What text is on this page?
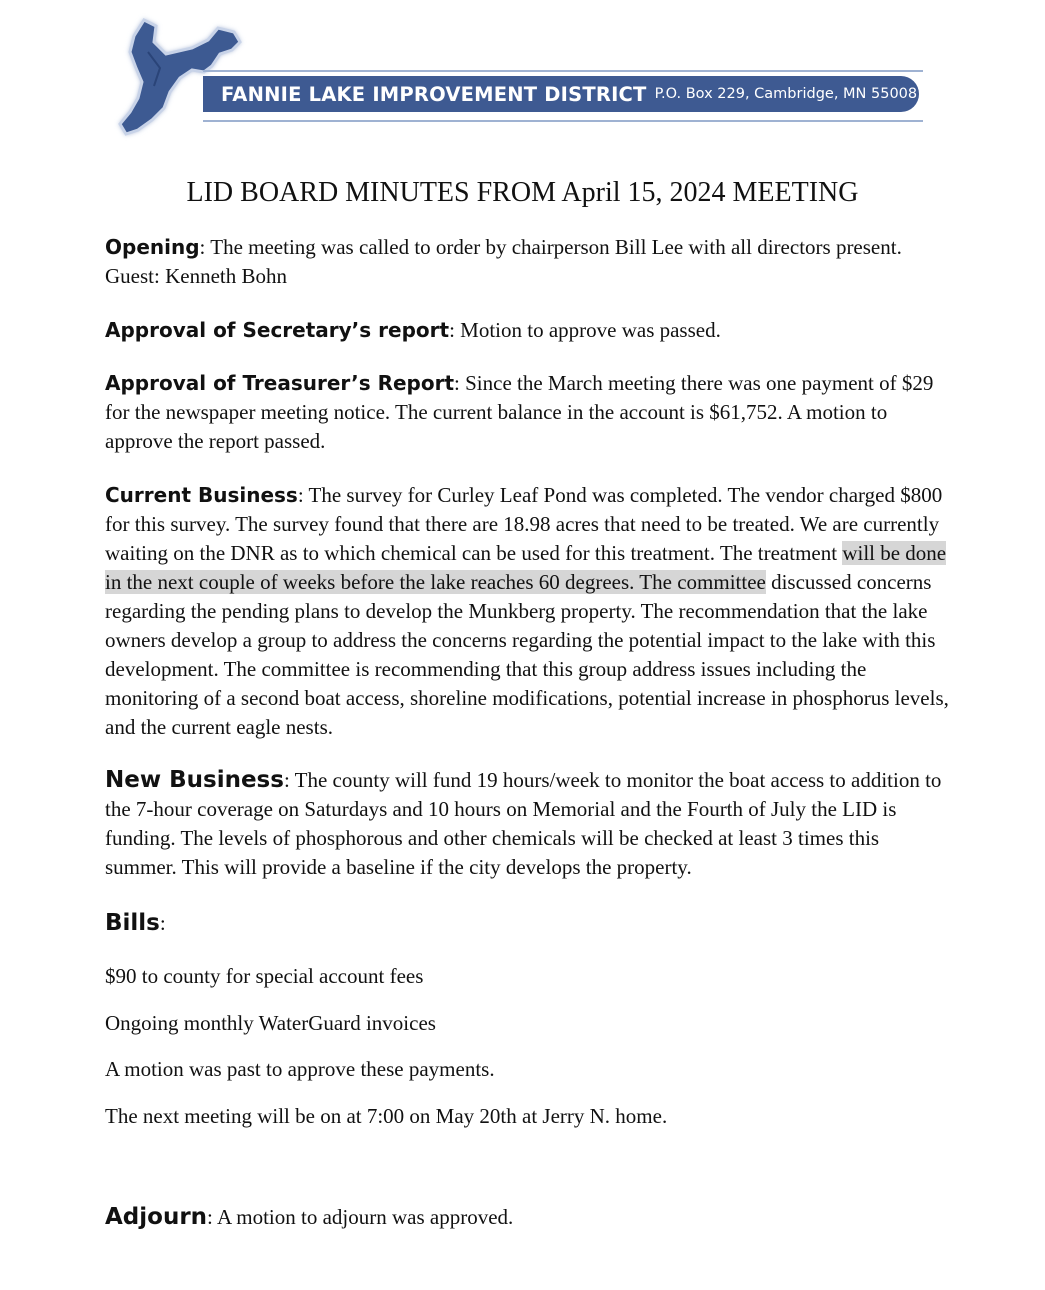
FANNIE LAKE IMPROVEMENT DISTRICT P.O. Box 229, Cambridge, MN 55008
LID BOARD MINUTES FROM April 15, 2024 MEETING

Opening: The meeting was called to order by chairperson Bill Lee with all directors present.
Guest: Kenneth Bohn

Approval of Secretary’s report: Motion to approve was passed.

Approval of Treasurer’s Report: Since the March meeting there was one payment of $29 for the newspaper meeting notice. The current balance in the account is $61,752. A motion to approve the report passed.

Current Business: The survey for Curley Leaf Pond was completed. The vendor charged $800 for this survey. The survey found that there are 18.98 acres that need to be treated. We are currently waiting on the DNR as to which chemical can be used for this treatment. The treatment will be done in the next couple of weeks before the lake reaches 60 degrees. The committee discussed concerns regarding the pending plans to develop the Munkberg property. The recommendation that the lake owners develop a group to address the concerns regarding the potential impact to the lake with this development. The committee is recommending that this group address issues including the monitoring of a second boat access, shoreline modifications, potential increase in phosphorus levels, and the current eagle nests.

New Business: The county will fund 19 hours/week to monitor the boat access to addition to the 7-hour coverage on Saturdays and 10 hours on Memorial and the Fourth of July the LID is funding. The levels of phosphorous and other chemicals will be checked at least 3 times this summer. This will provide a baseline if the city develops the property.

Bills:

$90 to county for special account fees

Ongoing monthly WaterGuard invoices

A motion was past to approve these payments.

The next meeting will be on at 7:00 on May 20th at Jerry N. home.

Adjourn: A motion to adjourn was approved.
